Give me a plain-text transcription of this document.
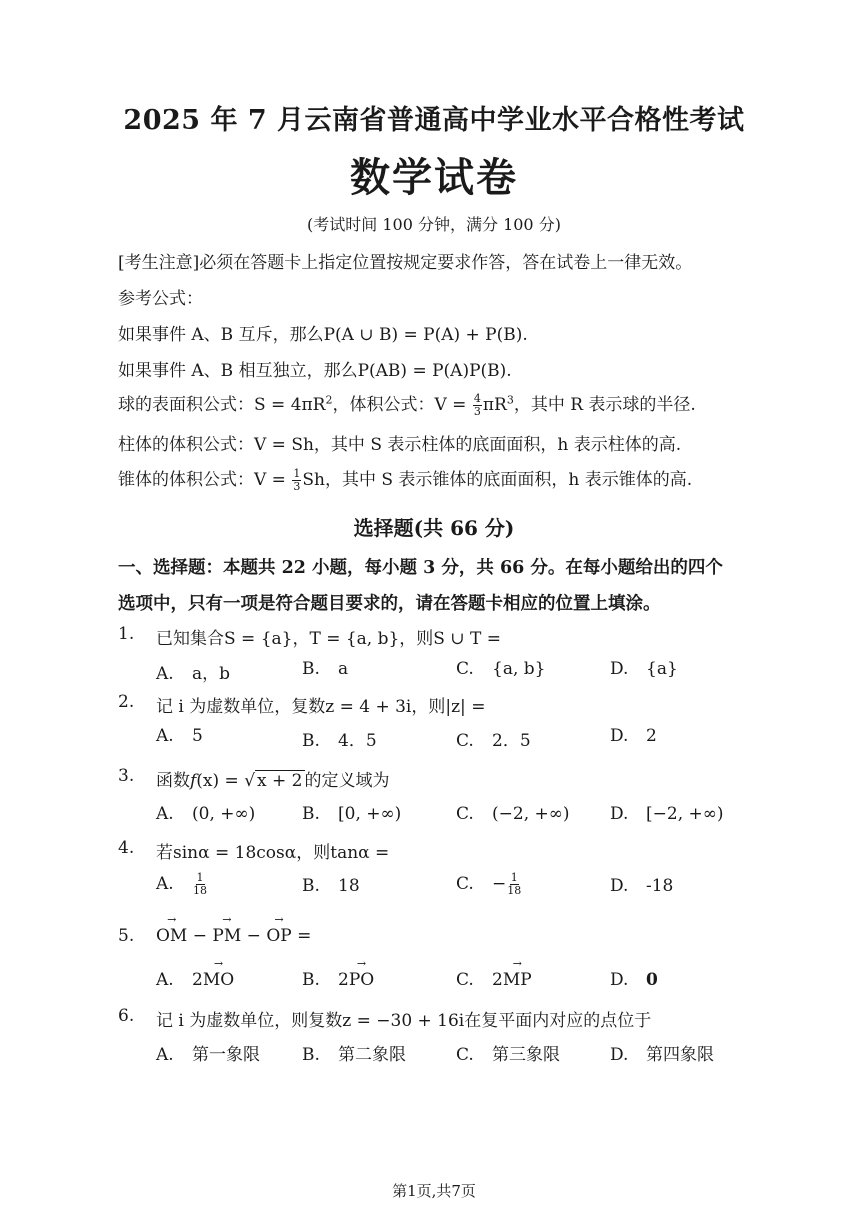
2025 年 7 月云南省普通高中学业水平合格性考试
数学试卷
(考试时间 100 分钟，满分 100 分)
[考生注意]必须在答题卡上指定位置按规定要求作答，答在试卷上一律无效。
参考公式：
如果事件 A、B 互斥，那么P(A ∪ B) = P(A) + P(B).
如果事件 A、B 相互独立，那么P(AB) = P(A)P(B).
球的表面积公式：$S = 4\pi R^2$，体积公式：$V = \frac{4}{3} \pi R^3$，其中 R 表示球的半径.
柱体的体积公式：V = Sh，其中 S 表示柱体的底面面积，h 表示柱体的高.
锥体的体积公式：$V = \frac{1}{3}$ Sh，其中 S 表示锥体的底面面积，h 表示锥体的高.
选择题(共 66 分)
一、选择题：本题共 22 小题，每小题 3 分，共 66 分。在每小题给出的四个
选项中，只有一项是符合题目要求的，请在答题卡相应的位置上填涂。
1. 已知集合S = {a}，T = {a, b}，则S ∪ T =
A. a，b	B. a	C. {a, b}	D. {a}
2. 记 i 为虚数单位，复数z = 4 + 3i，则|z| =
A. 5	B. 4．5	C. 2．5	D. 2
3. 函数f(x) = √ x + 2 的定义域为
A. (0, +∞)	B. [0, +∞)	C. (−2, +∞) D. [−2, +∞)
4. 若sinα = 18cosα，则tanα =
A. $\frac{1}{18}$	B. 18	C. − $\frac{1}{18}$	D. -18
5.
→ OM − → PM − → OP =
A. 2→ MO	B. 2→ PO	C. 2→ MP	D. 0
6. 记 i 为虚数单位，则复数z = −30 + 16i在复平面内对应的点位于
A. 第一象限 B. 第二象限	C. 第三象限	D. 第四象限
第1页,共7页
